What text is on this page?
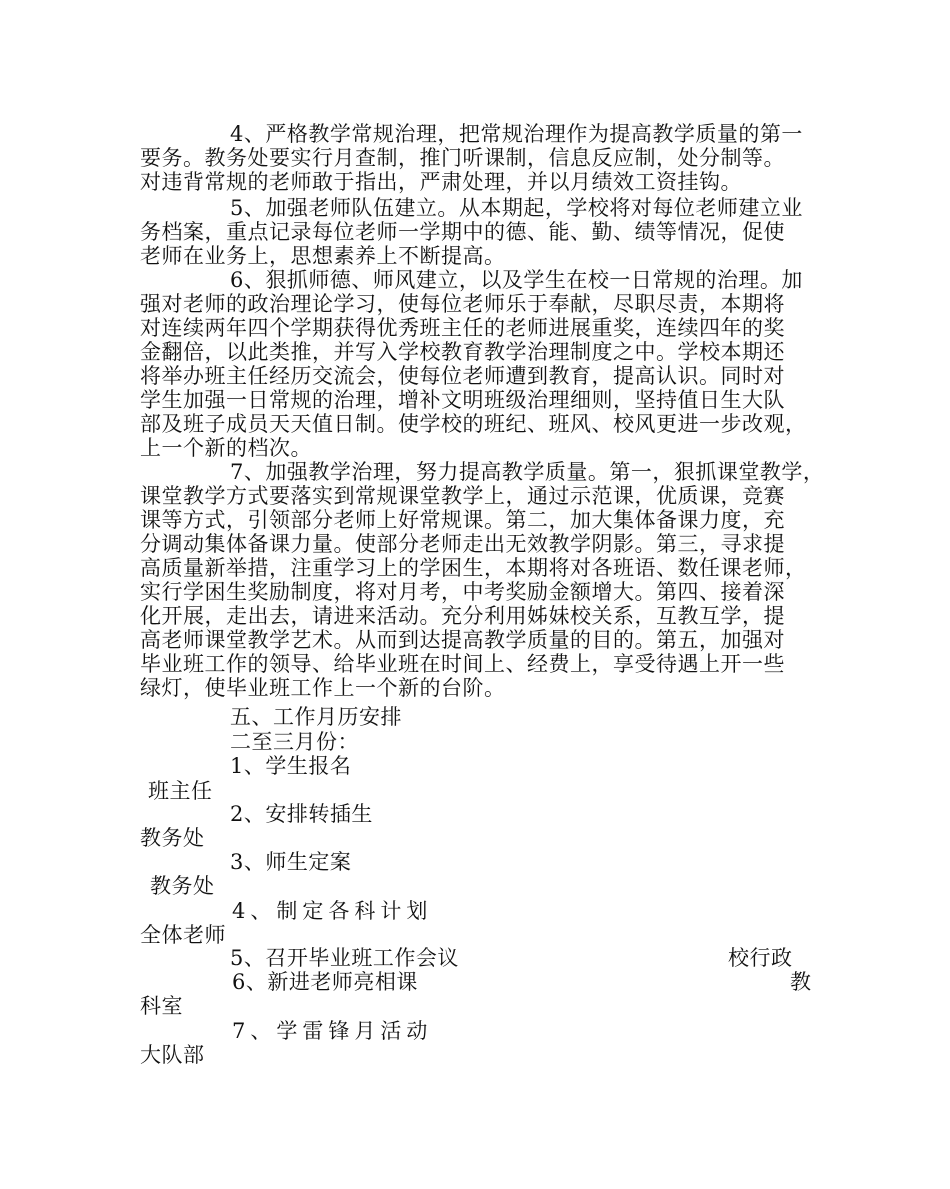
4、严格教学常规治理，把常规治理作为提高教学质量的第一
要务。教务处要实行月查制，推门听课制，信息反应制，处分制等。
对违背常规的老师敢于指出，严肃处理，并以月绩效工资挂钩。
5、加强老师队伍建立。从本期起，学校将对每位老师建立业
务档案，重点记录每位老师一学期中的德、能、勤、绩等情况，促使
老师在业务上，思想素养上不断提高。
6、狠抓师德、师风建立，以及学生在校一日常规的治理。加
强对老师的政治理论学习，使每位老师乐于奉献，尽职尽责，本期将
对连续两年四个学期获得优秀班主任的老师进展重奖，连续四年的奖
金翻倍，以此类推，并写入学校教育教学治理制度之中。学校本期还
将举办班主任经历交流会，使每位老师遭到教育，提高认识。同时对
学生加强一日常规的治理，增补文明班级治理细则，坚持值日生大队
部及班子成员天天值日制。使学校的班纪、班风、校风更进一步改观，
上一个新的档次。
7、加强教学治理，努力提高教学质量。第一，狠抓课堂教学，
课堂教学方式要落实到常规课堂教学上，通过示范课，优质课，竞赛
课等方式，引领部分老师上好常规课。第二，加大集体备课力度，充
分调动集体备课力量。使部分老师走出无效教学阴影。第三，寻求提
高质量新举措，注重学习上的学困生，本期将对各班语、数任课老师，
实行学困生奖励制度，将对月考，中考奖励金额增大。第四、接着深
化开展，走出去，请进来活动。充分利用姊妹校关系，互教互学，提
高老师课堂教学艺术。从而到达提高教学质量的目的。第五，加强对
毕业班工作的领导、给毕业班在时间上、经费上，享受待遇上开一些
绿灯，使毕业班工作上一个新的台阶。
五、工作月历安排
二至三月份：
1、学生报名
班主任
2、安排转插生
教务处
3、师生定案
教务处
4、制定各科计划
全体老师
5、召开毕业班工作会议	校行政
6、新进老师亮相课	教
科室
7、学雷锋月活动
大队部
